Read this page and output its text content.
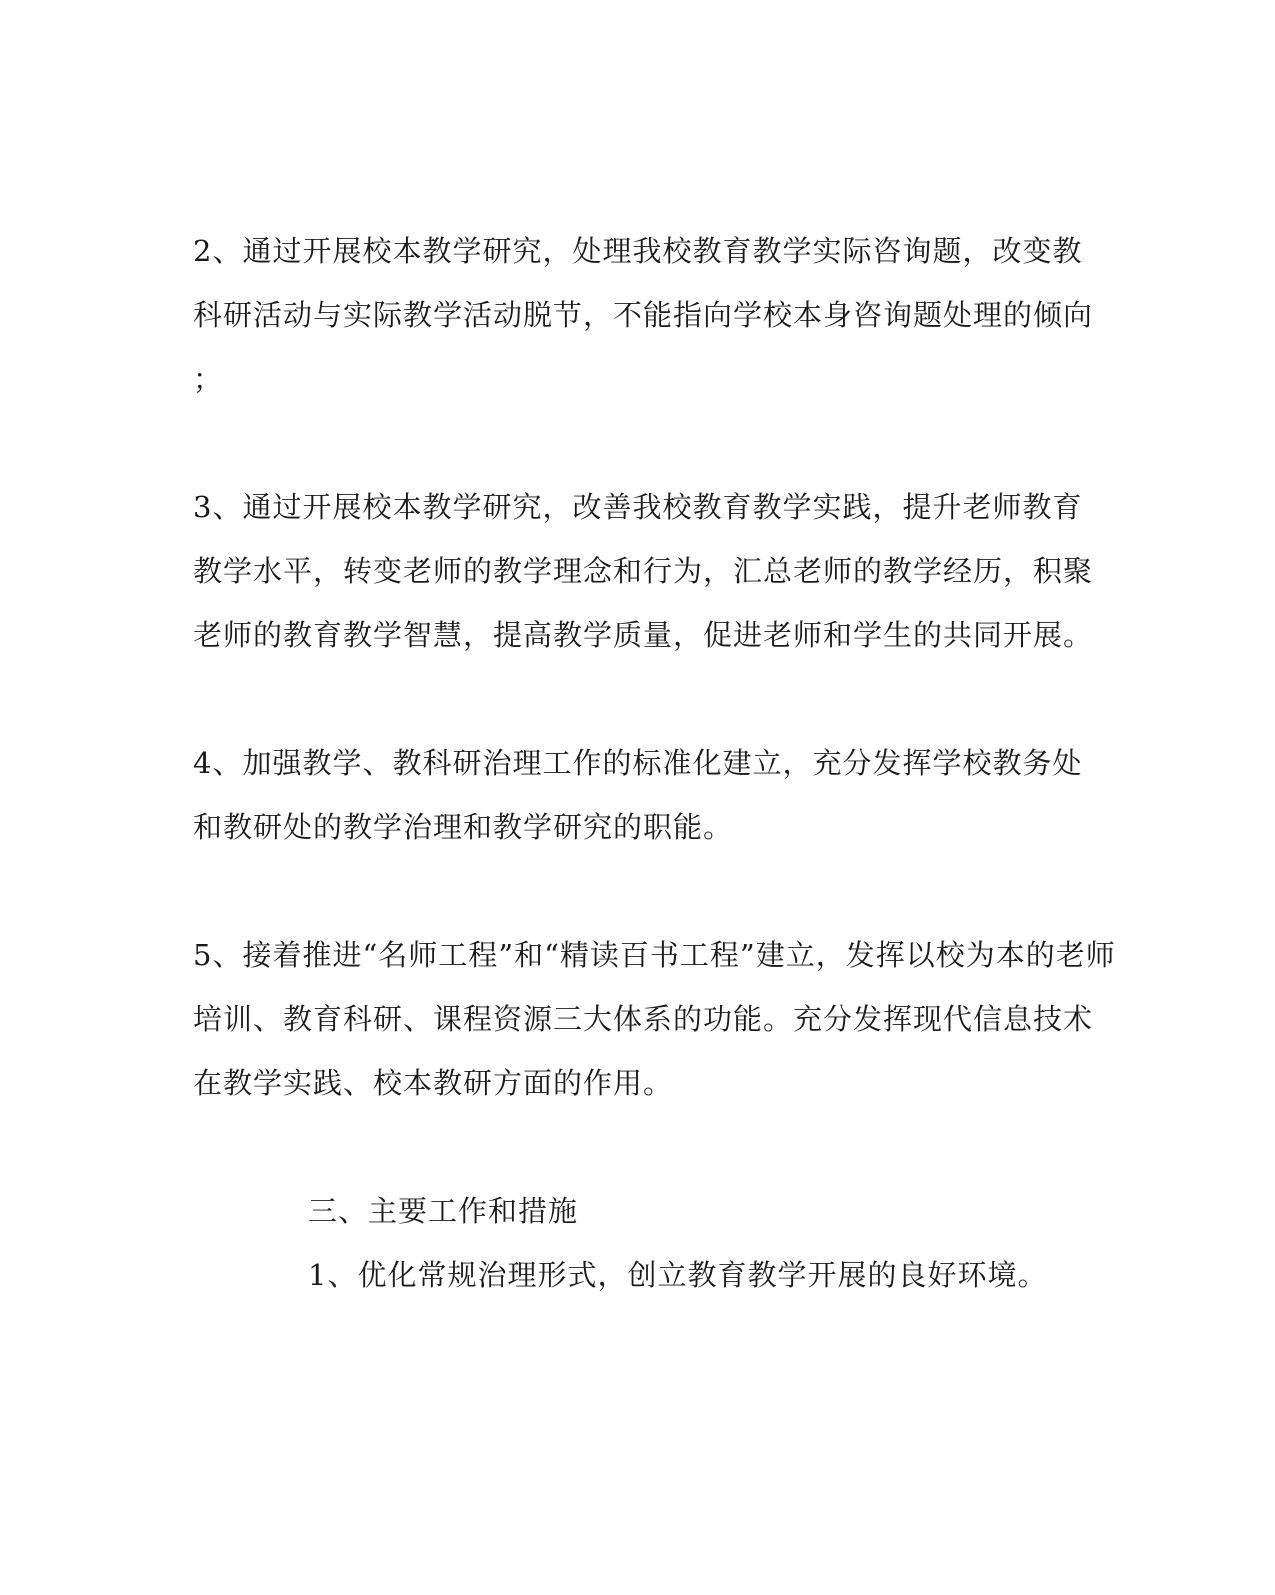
2、通过开展校本教学研究，处理我校教育教学实际咨询题，改变教
科研活动与实际教学活动脱节，不能指向学校本身咨询题处理的倾向
；
3、通过开展校本教学研究，改善我校教育教学实践，提升老师教育
教学水平，转变老师的教学理念和行为，汇总老师的教学经历，积聚
老师的教育教学智慧，提高教学质量，促进老师和学生的共同开展。
4、加强教学、教科研治理工作的标准化建立，充分发挥学校教务处
和教研处的教学治理和教学研究的职能。
5、接着推进“名师工程”和“精读百书工程”建立，发挥以校为本的老师
培训、教育科研、课程资源三大体系的功能。充分发挥现代信息技术
在教学实践、校本教研方面的作用。
三、主要工作和措施
1、优化常规治理形式，创立教育教学开展的良好环境。
